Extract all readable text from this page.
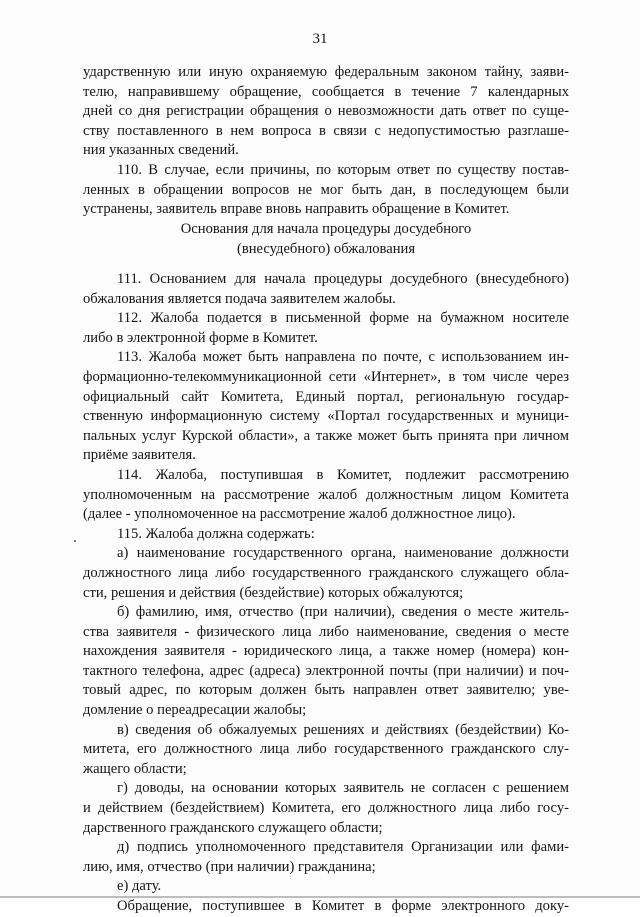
31
ударственную или иную охраняемую федеральным законом тайну, заяви-
телю, направившему обращение, сообщается в течение 7 календарных
дней со дня регистрации обращения о невозможности дать ответ по суще-
ству поставленного в нем вопроса в связи с недопустимостью разглаше-
ния указанных сведений.
110. В случае, если причины, по которым ответ по существу постав-
ленных в обращении вопросов не мог быть дан, в последующем были
устранены, заявитель вправе вновь направить обращение в Комитет.
Основания для начала процедуры досудебного
(внесудебного) обжалования
111. Основанием для начала процедуры досудебного (внесудебного)
обжалования является подача заявителем жалобы.
112. Жалоба подается в письменной форме на бумажном носителе
либо в электронной форме в Комитет.
113. Жалоба может быть направлена по почте, с использованием ин-
формационно-телекоммуникационной сети «Интернет», в том числе через
официальный сайт Комитета, Единый портал, региональную государ-
ственную информационную систему «Портал государственных и муници-
пальных услуг Курской области», а также может быть принята при личном
приёме заявителя.
114. Жалоба, поступившая в Комитет, подлежит рассмотрению
уполномоченным на рассмотрение жалоб должностным лицом Комитета
(далее - уполномоченное на рассмотрение жалоб должностное лицо).
115. Жалоба должна содержать:
а) наименование государственного органа, наименование должности
должностного лица либо государственного гражданского служащего обла-
сти, решения и действия (бездействие) которых обжалуются;
б) фамилию, имя, отчество (при наличии), сведения о месте житель-
ства заявителя - физического лица либо наименование, сведения о месте
нахождения заявителя - юридического лица, а также номер (номера) кон-
тактного телефона, адрес (адреса) электронной почты (при наличии) и поч-
товый адрес, по которым должен быть направлен ответ заявителю; уве-
домление о переадресации жалобы;
в) сведения об обжалуемых решениях и действиях (бездействии) Ко-
митета, его должностного лица либо государственного гражданского слу-
жащего области;
г) доводы, на основании которых заявитель не согласен с решением
и действием (бездействием) Комитета, его должностного лица либо госу-
дарственного гражданского служащего области;
д) подпись уполномоченного представителя Организации или фами-
лию, имя, отчество (при наличии) гражданина;
е) дату.
Обращение, поступившее в Комитет в форме электронного доку-
